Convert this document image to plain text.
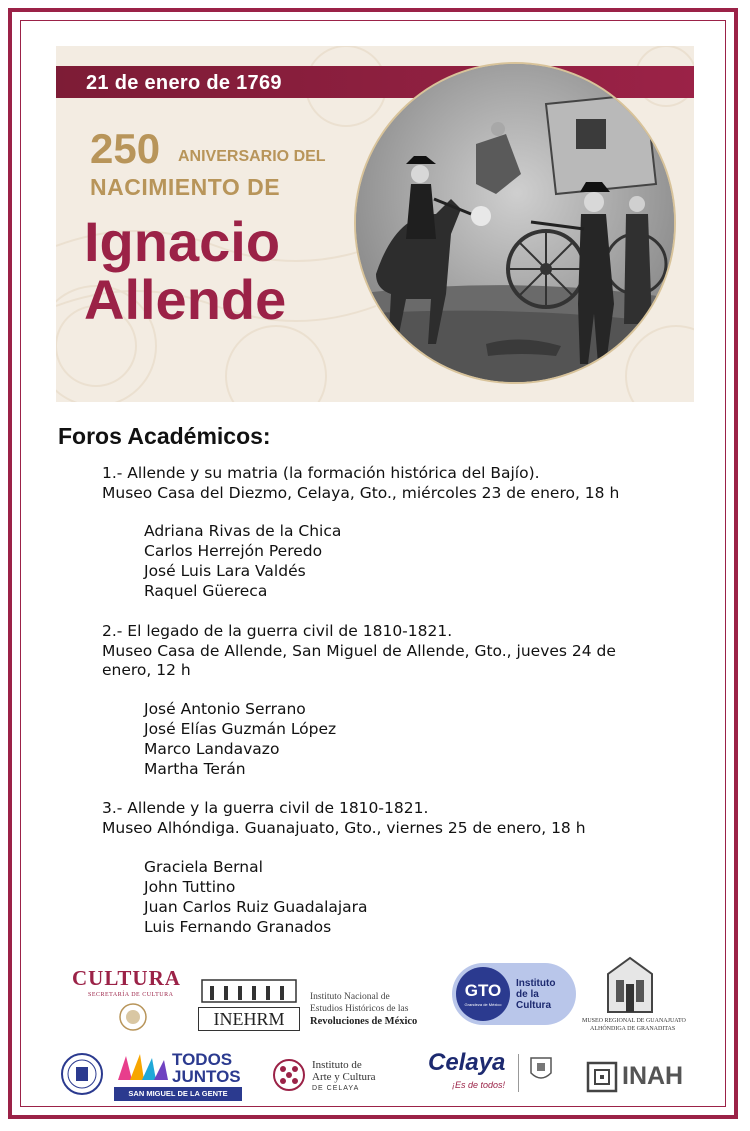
21 de enero de 1769
250 ANIVERSARIO DEL
NACIMIENTO DE
Ignacio
Allende
Foros Académicos:
1.- Allende y su matria (la formación histórica del Bajío).
Museo Casa del Diezmo, Celaya, Gto., miércoles 23 de enero, 18 h
Adriana Rivas de la Chica
Carlos Herrejón Peredo
José Luis Lara Valdés
Raquel Güereca
2.- El legado de la guerra civil de 1810-1821.
Museo Casa de Allende, San Miguel de Allende, Gto., jueves 24 de
enero, 12 h
José Antonio Serrano
José Elías Guzmán López
Marco Landavazo
Martha Terán
3.- Allende y la guerra civil de 1810-1821.
Museo Alhóndiga. Guanajuato, Gto., viernes 25 de enero, 18 h
Graciela Bernal
John Tuttino
Juan Carlos Ruiz Guadalajara
Luis Fernando Granados
CULTURA
SECRETARÍA DE CULTURA
INEHRM
Instituto Nacional de
Estudios Históricos de las
Revoluciones de México
GTO
Grandeza de México
Instituto
de la
Cultura
MUSEO REGIONAL DE GUANAJUATO
ALHÓNDIGA DE GRANADITAS
TODOS
JUNTOS
SAN MIGUEL DE LA GENTE
Instituto de
Arte y Cultura
DE CELAYA
Celaya
¡Es de todos!	INAH
